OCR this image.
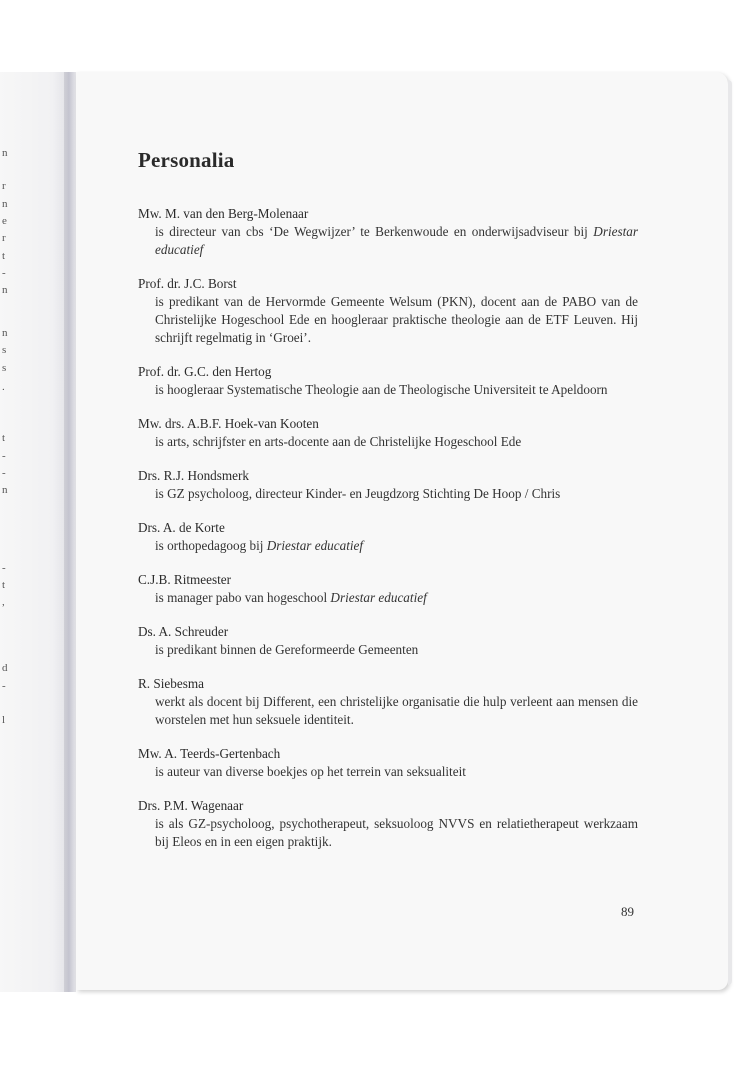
n
r
n
e
r
t
-
n
n
s
s
.
t
-
-
n
-
t
,
d
-
l
Personalia
Mw. M. van den Berg-Molenaar
is directeur van cbs ‘De Wegwijzer’ te Berkenwoude en onderwijsadviseur bij Driestar educatief
Prof. dr. J.C. Borst
is predikant van de Hervormde Gemeente Welsum (PKN), docent aan de PABO van de Christelijke Hogeschool Ede en hoogleraar praktische theologie aan de ETF Leuven. Hij schrijft regelmatig in ‘Groei’.
Prof. dr. G.C. den Hertog
is hoogleraar Systematische Theologie aan de Theologische Universiteit te Apeldoorn
Mw. drs. A.B.F. Hoek-van Kooten
is arts, schrijfster en arts-docente aan de Christelijke Hogeschool Ede
Drs. R.J. Hondsmerk
is GZ psycholoog, directeur Kinder- en Jeugdzorg Stichting De Hoop / Chris
Drs. A. de Korte
is orthopedagoog bij Driestar educatief
C.J.B. Ritmeester
is manager pabo van hogeschool Driestar educatief
Ds. A. Schreuder
is predikant binnen de Gereformeerde Gemeenten
R. Siebesma
werkt als docent bij Different, een christelijke organisatie die hulp verleent aan mensen die worstelen met hun seksuele identiteit.
Mw. A. Teerds-Gertenbach
is auteur van diverse boekjes op het terrein van seksualiteit
Drs. P.M. Wagenaar
is als GZ-psycholoog, psychotherapeut, seksuoloog NVVS en relatietherapeut werkzaam bij Eleos en in een eigen praktijk.
89
